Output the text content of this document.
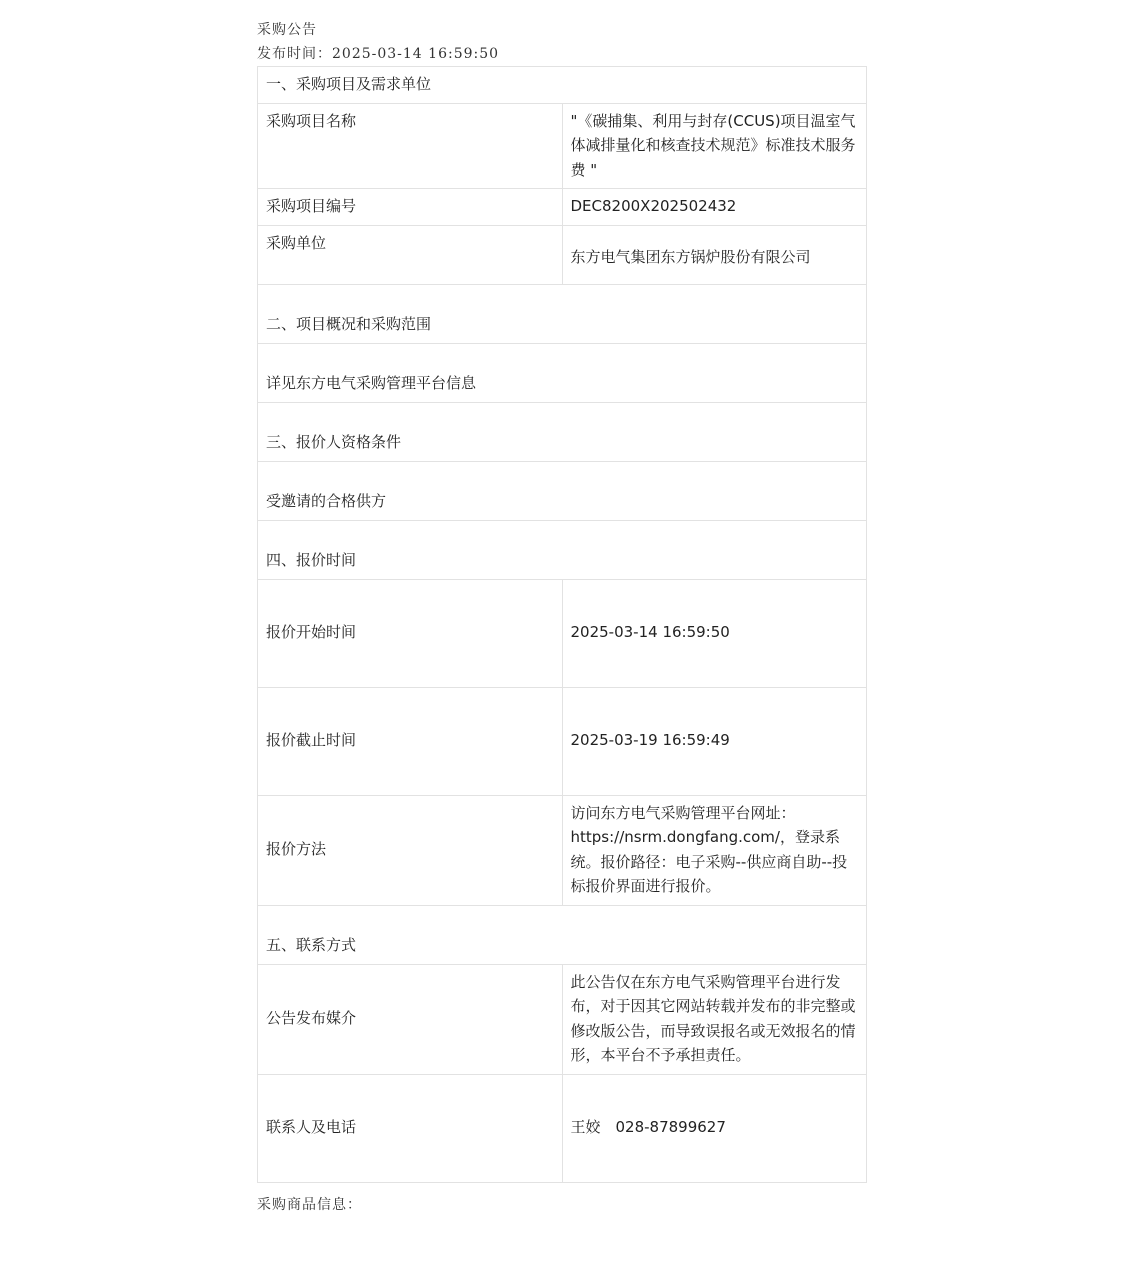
采购公告
发布时间：2025-03-14 16:59:50
一、采购项目及需求单位	
采购项目名称	"《碳捕集、利用与封存(CCUS)项目温室气体减排量化和核查技术规范》标准技术服务费 "
采购项目编号	DEC8200X202502432
采购单位	东方电气集团东方锅炉股份有限公司
二、项目概况和采购范围	
详见东方电气采购管理平台信息	
三、报价人资格条件	
受邀请的合格供方	
四、报价时间	
报价开始时间	2025-03-14 16:59:50
报价截止时间	2025-03-19 16:59:49
报价方法	访问东方电气采购管理平台网址：https://nsrm.dongfang.com/，登录系统。报价路径：电子采购--供应商自助--投标报价界面进行报价。
五、联系方式	
公告发布媒介	此公告仅在东方电气采购管理平台进行发布，对于因其它网站转载并发布的非完整或修改版公告，而导致误报名或无效报名的情形，本平台不予承担责任。
联系人及电话	王姣　028-87899627
采购商品信息：
